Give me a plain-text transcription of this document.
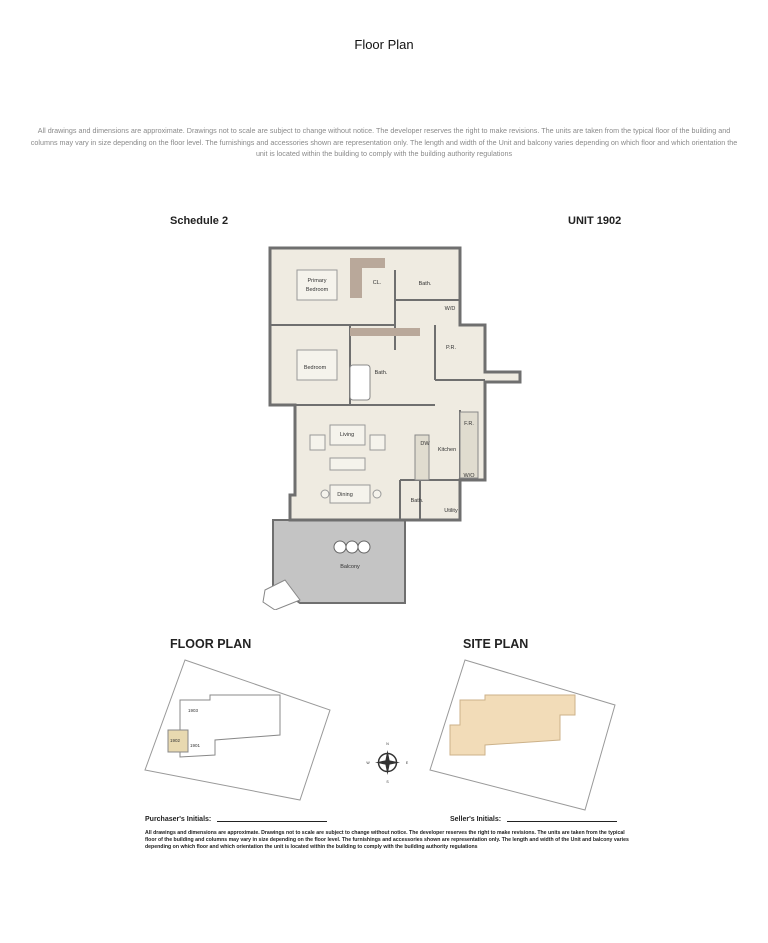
Floor Plan
All drawings and dimensions are approximate. Drawings not to scale are subject to change without notice. The developer reserves the right to make revisions. The units are taken from the typical floor of the building and columns may vary in size depending on the floor level. The furnishings and accessories shown are representation only. The length and width of the Unit and balcony varies depending on which floor and which orientation the unit is located within the building to comply with the building authority regulations
Schedule 2	UNIT 1902
Primary
Bedroom
CL.	Bath.
W/D
P.R.
Bedroom
Bath.
Living
DW
Kitchen
F.R.
W/O
Dining
Bath.
Utility
Balcony
FLOOR PLAN	SITE PLAN
1903
1902
1901	N
S
W	E
Purchaser's Initials:	Seller's Initials:
All drawings and dimensions are approximate. Drawings not to scale are subject to change without notice. The developer reserves the right to make revisions. The units are taken from the typical floor of the building and columns may vary in size depending on the floor level. The furnishings and accessories shown are representation only. The length and width of the Unit and balcony varies depending on which floor and which orientation the unit is located within the building to comply with the building authority regulations
